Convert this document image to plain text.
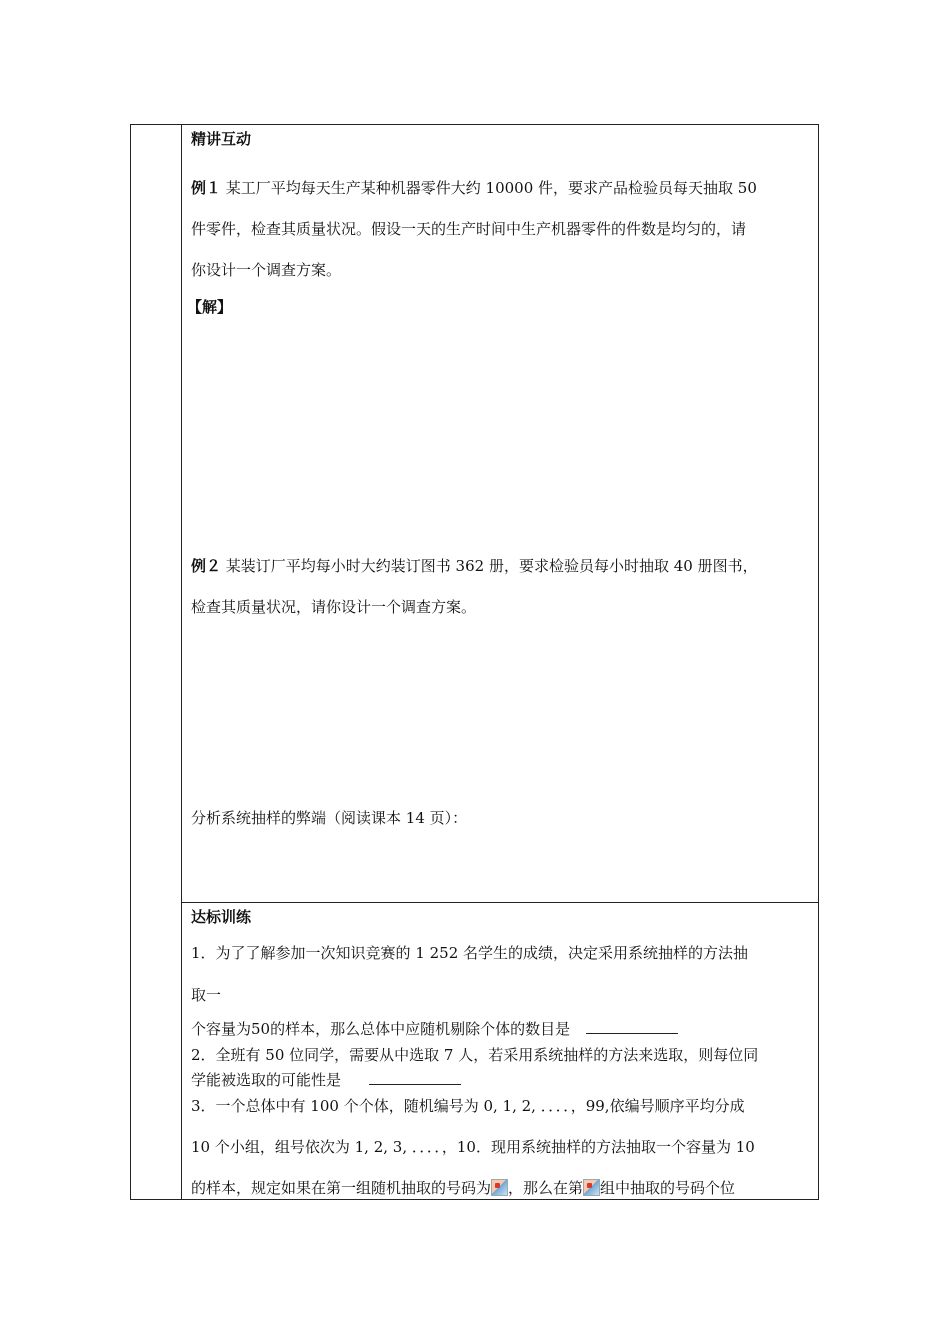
精讲互动
例１ 某工厂平均每天生产某种机器零件大约 10000 件，要求产品检验员每天抽取 50
件零件，检查其质量状况。假设一天的生产时间中生产机器零件的件数是均匀的，请
你设计一个调查方案。
【解】
例２ 某装订厂平均每小时大约装订图书 362 册，要求检验员每小时抽取 40 册图书，
检查其质量状况，请你设计一个调查方案。
分析系统抽样的弊端（阅读课本 14 页）：
达标训练
1．为了了解参加一次知识竞赛的 1 252 名学生的成绩，决定采用系统抽样的方法抽
取一
个容量为50的样本，那么总体中应随机剔除个体的数目是
2．全班有 50 位同学，需要从中选取 7 人，若采用系统抽样的方法来选取，则每位同
学能被选取的可能性是
3．一个总体中有 100 个个体，随机编号为 0, 1, 2, ．．．．，99,依编号顺序平均分成
10 个小组，组号依次为 1, 2, 3, ．．．．，10．现用系统抽样的方法抽取一个容量为 10
的样本，规定如果在第一组随机抽取的号码为 ，那么在第 组中抽取的号码个位
